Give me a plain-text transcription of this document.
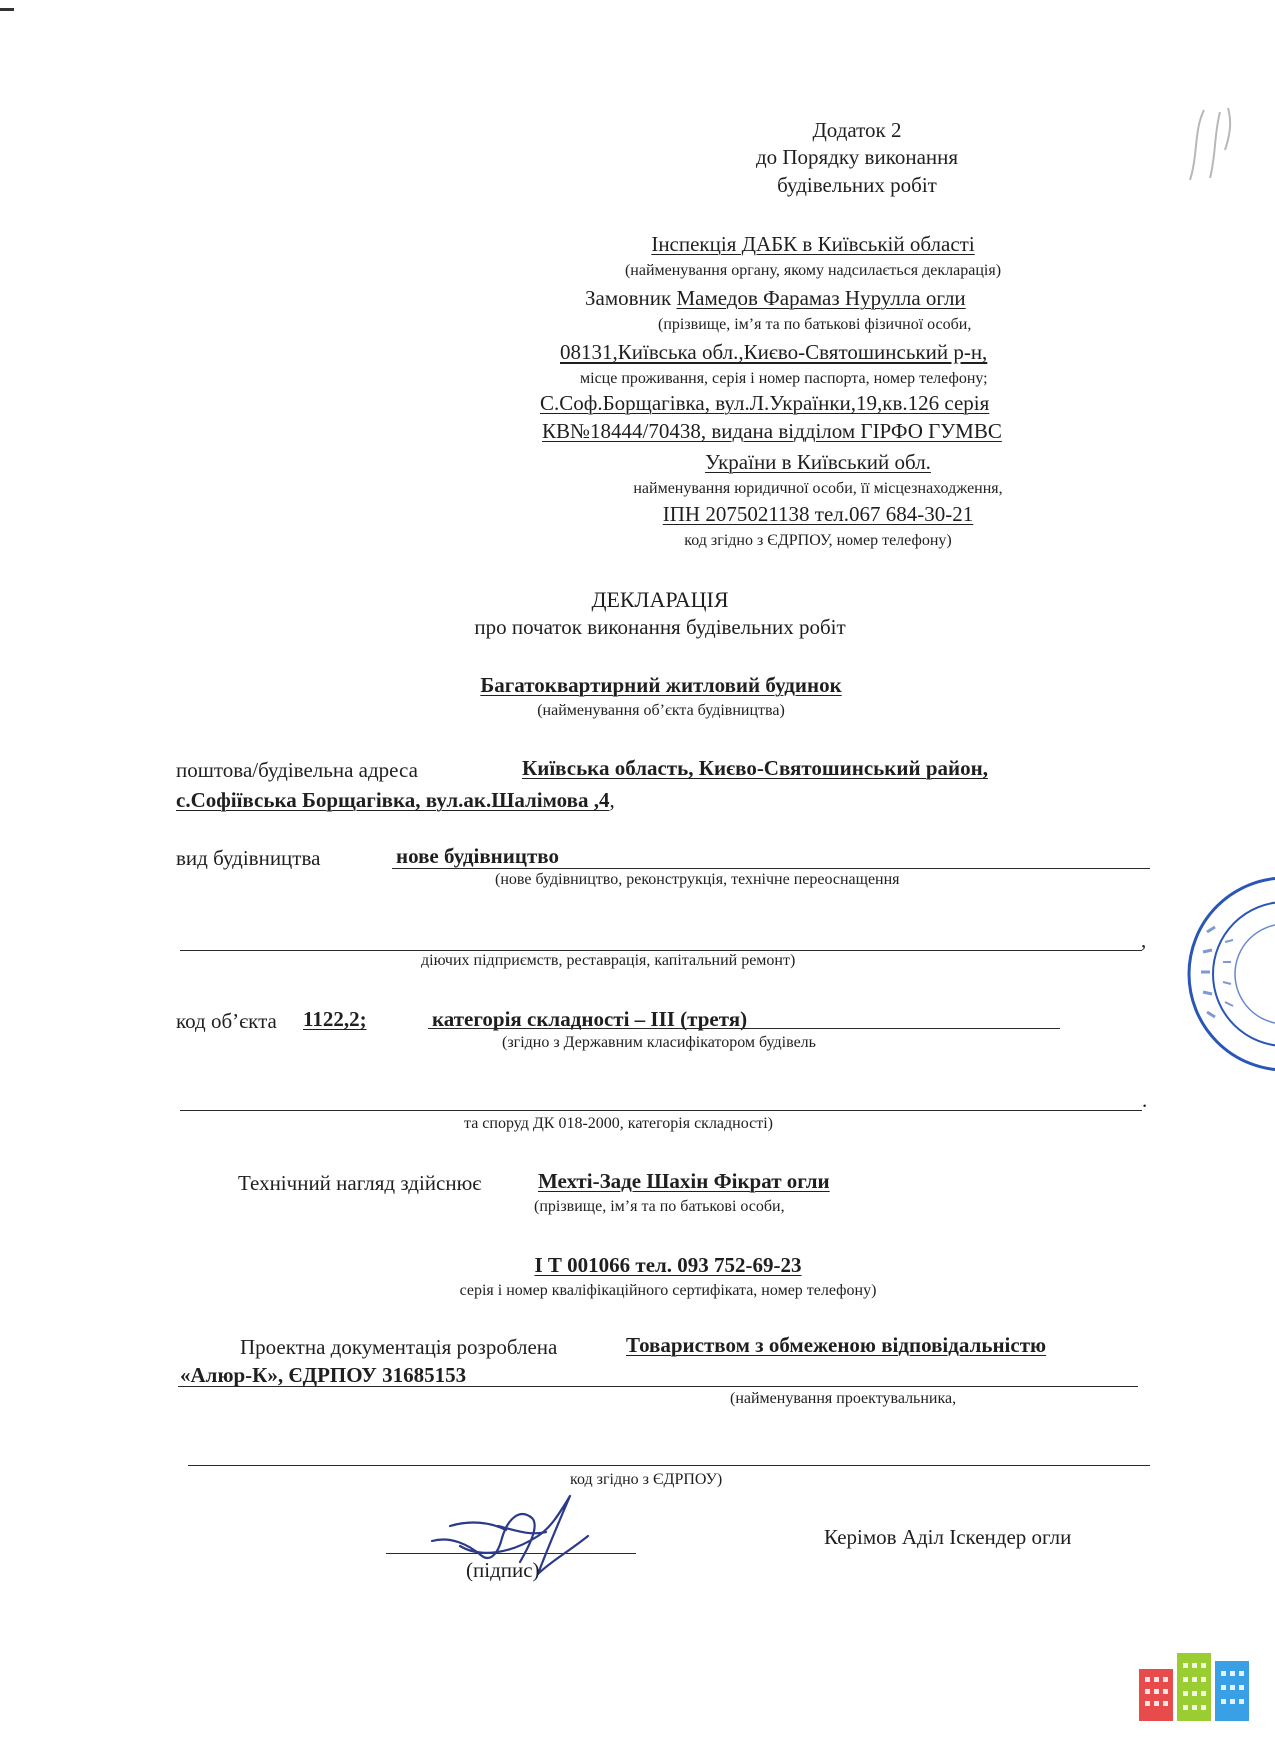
Додаток 2
до Порядку виконання
будівельних робіт
Інспекція ДАБК в Київській області
(найменування органу, якому надсилається декларація)
Замовник Мамедов Фарамаз Нурулла огли
(прізвище, ім’я та по батькові фізичної особи,
08131,Київська обл.,Києво-Святошинський р-н,
місце проживання, серія і номер паспорта, номер телефону;
С.Соф.Борщагівка, вул.Л.Українки,19,кв.126 серія
КВ№18444/70438, видана відділом ГІРФО ГУМВС
України в Київський обл.
найменування юридичної особи, її місцезнаходження,
ІПН 2075021138 тел.067 684-30-21
код згідно з ЄДРПОУ, номер телефону)
ДЕКЛАРАЦІЯ
про початок виконання будівельних робіт
Багатоквартирний житловий будинок
(найменування об’єкта будівництва)
поштова/будівельна адреса	Київська область, Києво-Святошинський район,
с.Софіївська Борщагівка, вул.ак.Шалімова ,4,
вид будівництва	нове будівництво
(нове будівництво, реконструкція, технічне переоснащення
,
діючих підприємств, реставрація, капітальний ремонт)
код об’єкта 1122,2;	категорія складності – ІІІ (третя)
(згідно з Державним класифікатором будівель
.
та споруд ДК 018-2000, категорія складності)
Технічний нагляд здійснює	Мехті-Заде Шахін Фікрат огли
(прізвище, ім’я та по батькові особи,
І Т 001066 тел. 093 752-69-23
серія і номер кваліфікаційного сертифіката, номер телефону)
Проектна документація розроблена	Товариством з обмеженою відповідальністю
«Алюр-К», ЄДРПОУ 31685153
(найменування проектувальника,
код згідно з ЄДРПОУ)
(підпис)
Керімов Аділ Іскендер огли
